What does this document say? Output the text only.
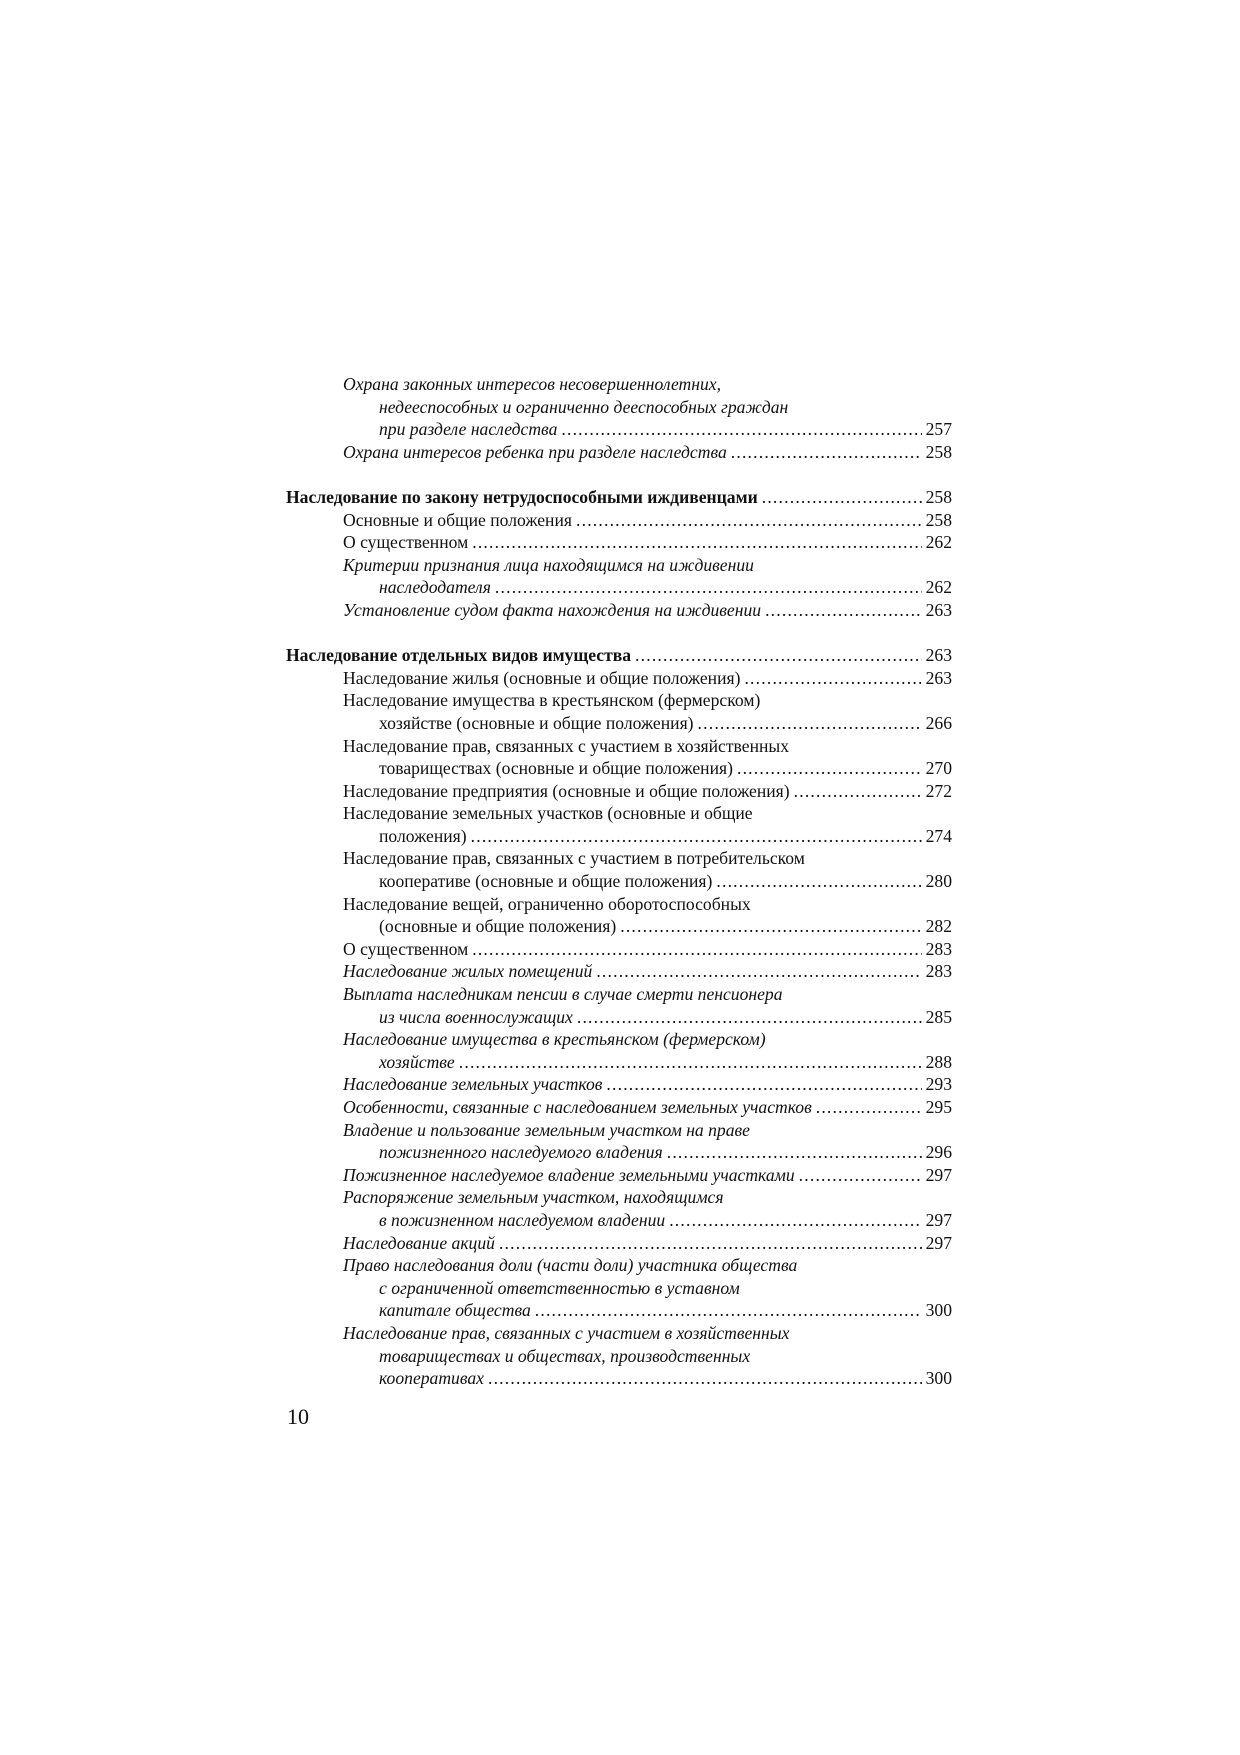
Охрана законных интересов несовершеннолетних,
недееспособных и ограниченно дееспособных граждан
при разделе наследства . . .	257
Охрана интересов ребенка при разделе наследства . . .	258
Наследование по закону нетрудоспособными иждивенцами . . .	258
Основные и общие положения . . .	258
О существенном . . .	262
Критерии признания лица находящимся на иждивении
наследодателя . . .	262
Установление судом факта нахождения на иждивении . . .	263
Наследование отдельных видов имущества . . .	263
Наследование жилья (основные и общие положения) . . .	263
Наследование имущества в крестьянском (фермерском)
хозяйстве (основные и общие положения) . . .	266
Наследование прав, связанных с участием в хозяйственных
товариществах (основные и общие положения) . . .	270
Наследование предприятия (основные и общие положения) . . .	272
Наследование земельных участков (основные и общие
положения) . . .	274
Наследование прав, связанных с участием в потребительском
кооперативе (основные и общие положения) . . .	280
Наследование вещей, ограниченно оборотоспособных
(основные и общие положения) . . .	282
О существенном . . .	283
Наследование жилых помещений . . .	283
Выплата наследникам пенсии в случае смерти пенсионера
из числа военнослужащих . . .	285
Наследование имущества в крестьянском (фермерском)
хозяйстве . . .	288
Наследование земельных участков . . .	293
Особенности, связанные с наследованием земельных участков . . .	295
Владение и пользование земельным участком на праве
пожизненного наследуемого владения . . .	296
Пожизненное наследуемое владение земельными участками . . .	297
Распоряжение земельным участком, находящимся
в пожизненном наследуемом владении . . .	297
Наследование акций . . .	297
Право наследования доли (части доли) участника общества
с ограниченной ответственностью в уставном
капитале общества . . .	300
Наследование прав, связанных с участием в хозяйственных
товариществах и обществах, производственных
кооперативах . . .	300
10
